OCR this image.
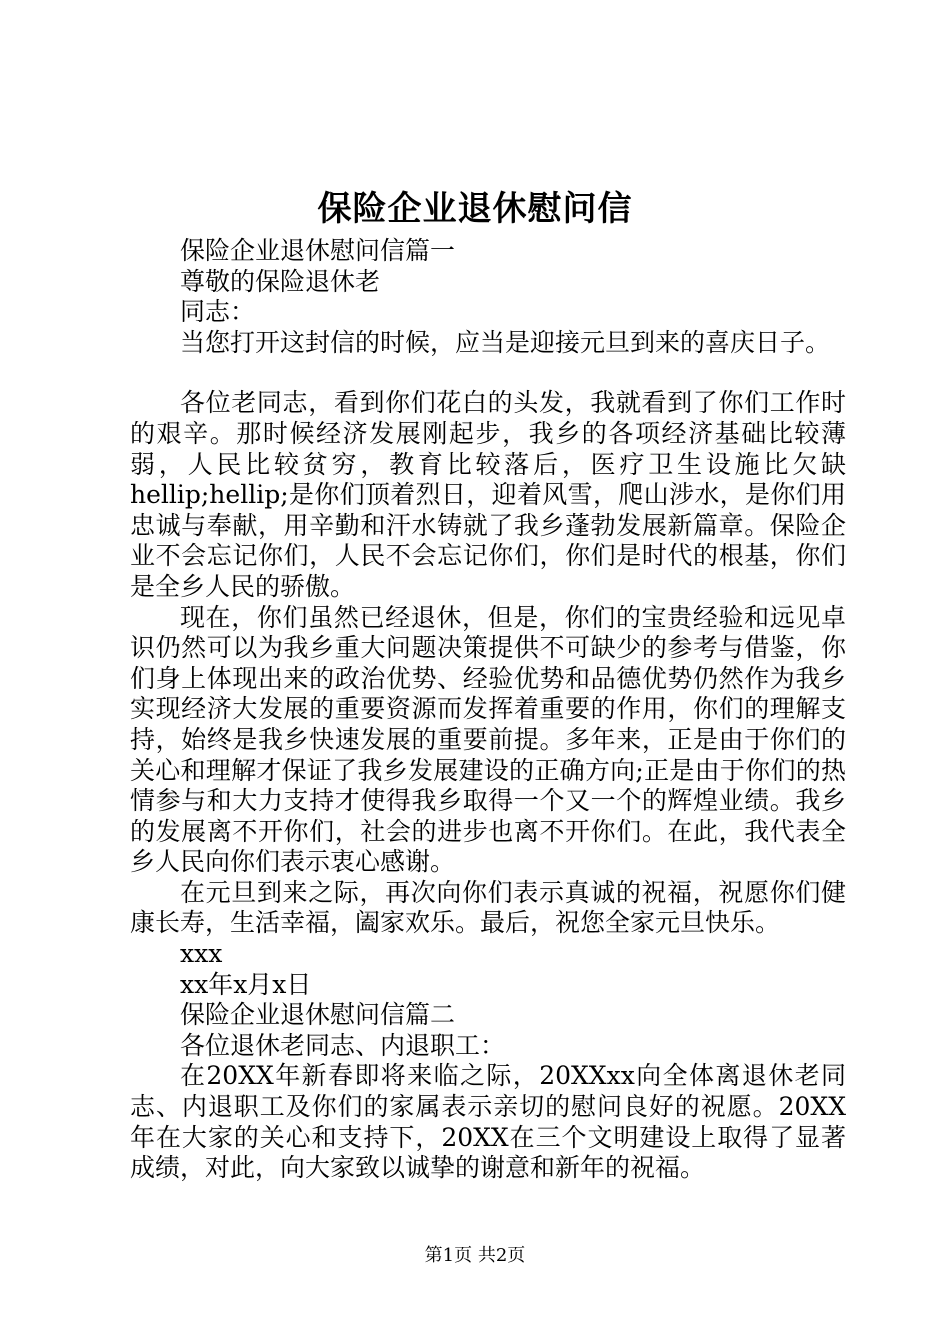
保险企业退休慰问信

保险企业退休慰问信篇一

尊敬的保险退休老

同志：

当您打开这封信的时候，应当是迎接元旦到来的喜庆日子。

各位老同志，看到你们花白的头发，我就看到了你们工作时的艰辛。那时候经济发展刚起步，我乡的各项经济基础比较薄弱，人民比较贫穷，教育比较落后，医疗卫生设施比欠缺hellip;hellip;是你们顶着烈日，迎着风雪，爬山涉水，是你们用忠诚与奉献，用辛勤和汗水铸就了我乡蓬勃发展新篇章。保险企业不会忘记你们，人民不会忘记你们，你们是时代的根基，你们是全乡人民的骄傲。

现在，你们虽然已经退休，但是，你们的宝贵经验和远见卓识仍然可以为我乡重大问题决策提供不可缺少的参考与借鉴，你们身上体现出来的政治优势、经验优势和品德优势仍然作为我乡实现经济大发展的重要资源而发挥着重要的作用，你们的理解支持，始终是我乡快速发展的重要前提。多年来，正是由于你们的关心和理解才保证了我乡发展建设的正确方向;正是由于你们的热情参与和大力支持才使得我乡取得一个又一个的辉煌业绩。我乡的发展离不开你们，社会的进步也离不开你们。在此，我代表全乡人民向你们表示衷心感谢。

在元旦到来之际，再次向你们表示真诚的祝福，祝愿你们健康长寿，生活幸福，阖家欢乐。最后，祝您全家元旦快乐。

xxx

xx年x月x日

保险企业退休慰问信篇二

各位退休老同志、内退职工：

在20XX年新春即将来临之际，20XXxx向全体离退休老同志、内退职工及你们的家属表示亲切的慰问良好的祝愿。20XX年在大家的关心和支持下，20XX在三个文明建设上取得了显著成绩，对此，向大家致以诚挚的谢意和新年的祝福。

第1页 共2页
